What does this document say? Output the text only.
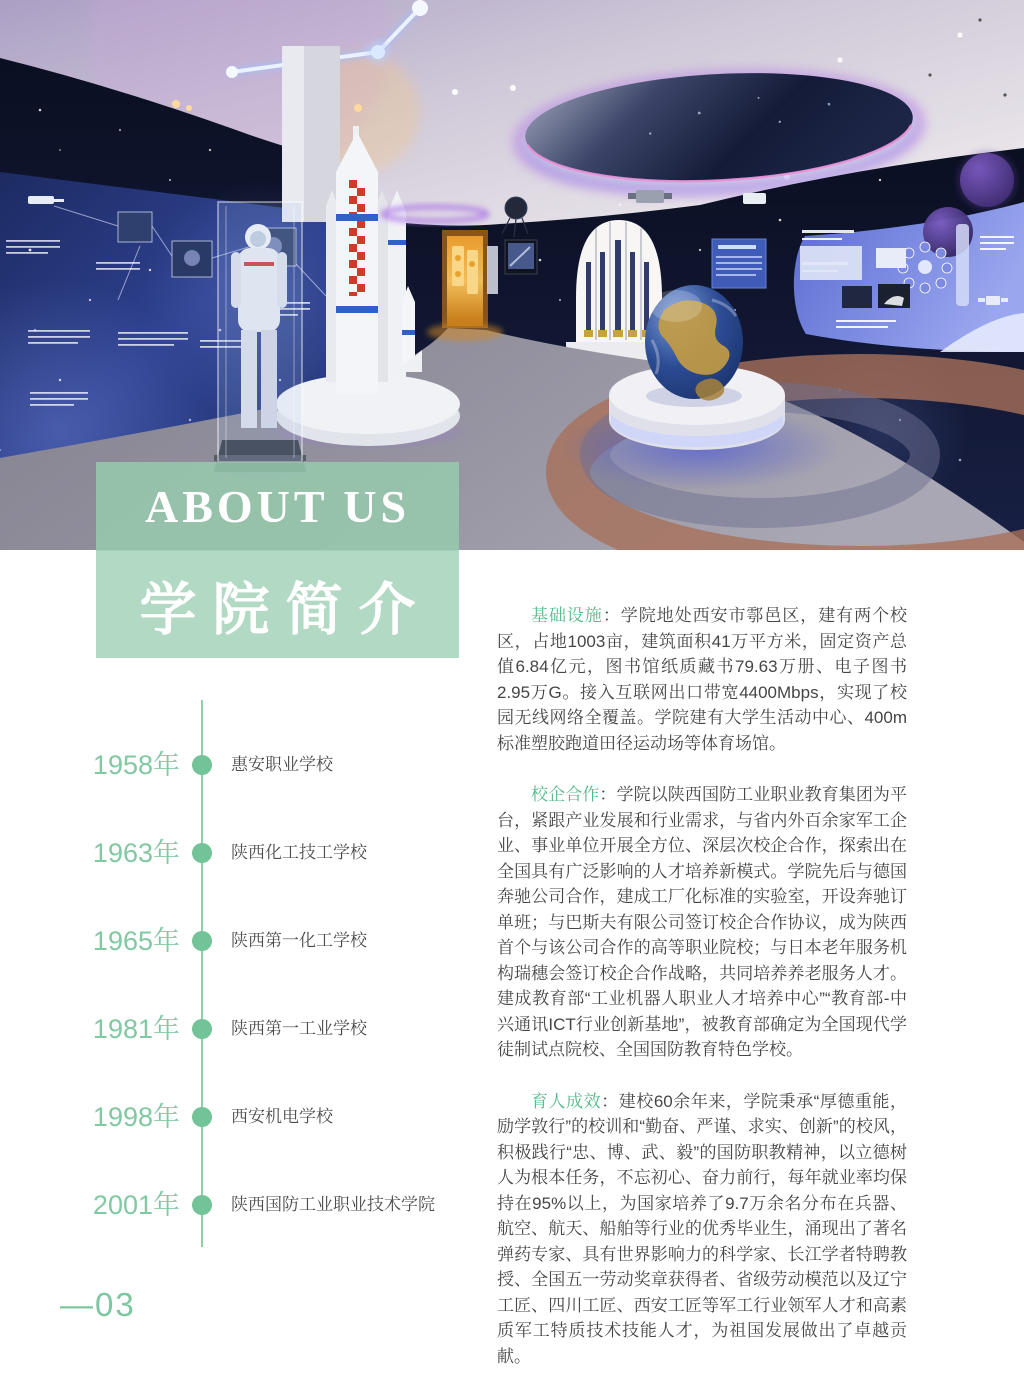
ABOUT US
学院简介
1958年	惠安职业学校
1963年	陕西化工技工学校
1965年	陕西第一化工学校
1981年	陕西第一工业学校
1998年	西安机电学校
2001年	陕西国防工业职业技术学院

基础设施：学院地处西安市鄠邑区，建有两个校区，占地1003亩，建筑面积41万平方米，固定资产总值6.84亿元，图书馆纸质藏书79.63万册、电子图书2.95万G。接入互联网出口带宽4400Mbps，实现了校园无线网络全覆盖。学院建有大学生活动中心、400m标准塑胶跑道田径运动场等体育场馆。

校企合作：学院以陕西国防工业职业教育集团为平台，紧跟产业发展和行业需求，与省内外百余家军工企业、事业单位开展全方位、深层次校企合作，探索出在全国具有广泛影响的人才培养新模式。学院先后与德国奔驰公司合作，建成工厂化标准的实验室，开设奔驰订单班；与巴斯夫有限公司签订校企合作协议，成为陕西首个与该公司合作的高等职业院校；与日本老年服务机构瑞穗会签订校企合作战略，共同培养养老服务人才。建成教育部“工业机器人职业人才培养中心”“教育部-中兴通讯ICT行业创新基地”，被教育部确定为全国现代学徒制试点院校、全国国防教育特色学校。

育人成效：建校60余年来，学院秉承“厚德重能，励学敦行”的校训和“勤奋、严谨、求实、创新”的校风，积极践行“忠、博、武、毅”的国防职教精神，以立德树人为根本任务，不忘初心、奋力前行，每年就业率均保持在95%以上，为国家培养了9.7万余名分布在兵器、航空、航天、船舶等行业的优秀毕业生，涌现出了著名弹药专家、具有世界影响力的科学家、长江学者特聘教授、全国五一劳动奖章获得者、省级劳动模范以及辽宁工匠、四川工匠、西安工匠等军工行业领军人才和高素质军工特质技术技能人才，为祖国发展做出了卓越贡献。

—03
